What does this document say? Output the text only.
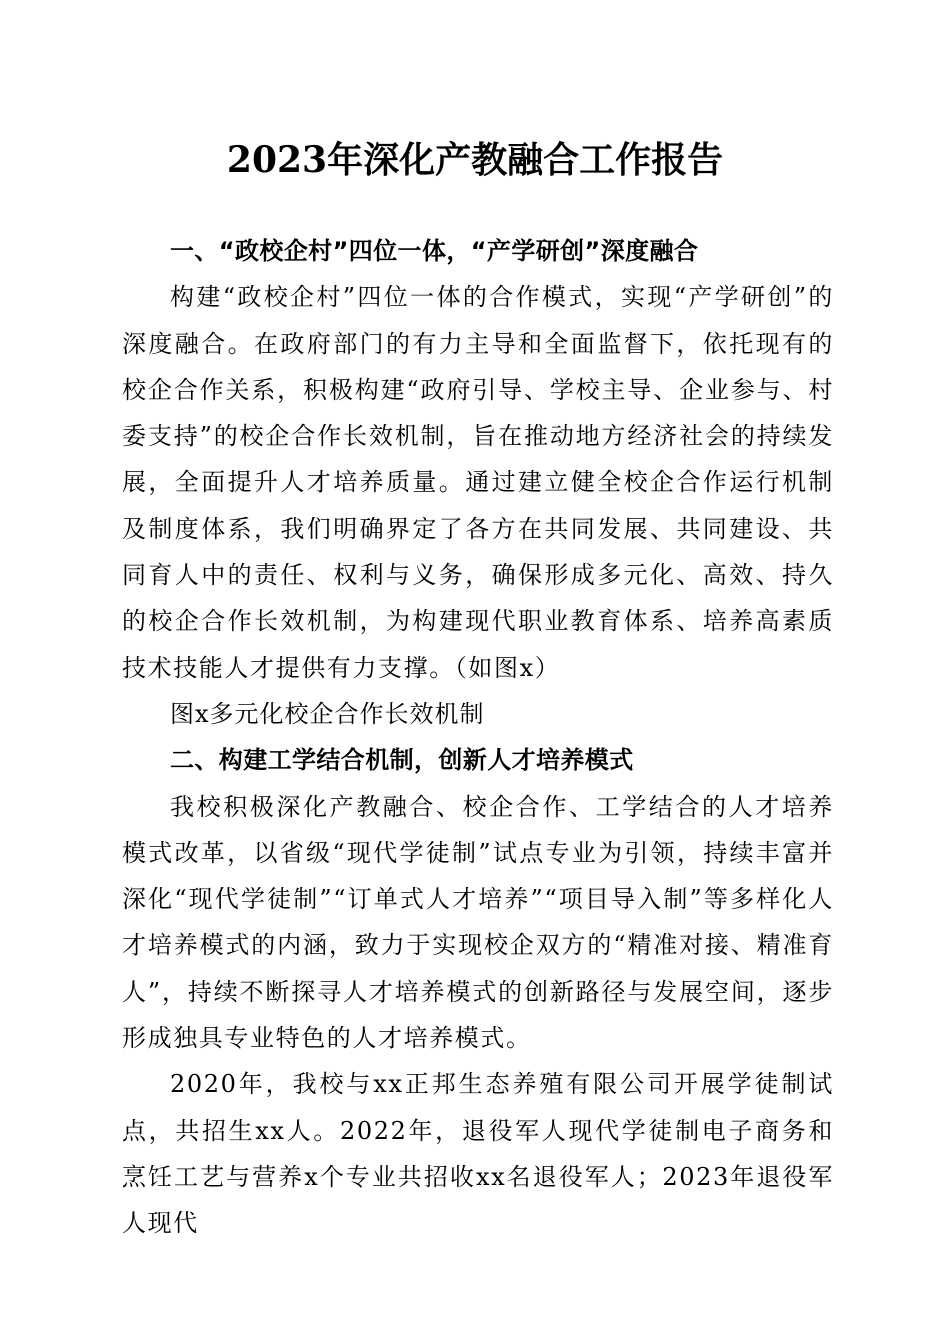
2023年深化产教融合工作报告

一、“政校企村”四位一体，“产学研创”深度融合

构建“政校企村”四位一体的合作模式，实现“产学研创”的深度融合。在政府部门的有力主导和全面监督下，依托现有的校企合作关系，积极构建“政府引导、学校主导、企业参与、村委支持”的校企合作长效机制，旨在推动地方经济社会的持续发展，全面提升人才培养质量。通过建立健全校企合作运行机制及制度体系，我们明确界定了各方在共同发展、共同建设、共同育人中的责任、权利与义务，确保形成多元化、高效、持久的校企合作长效机制，为构建现代职业教育体系、培养高素质技术技能人才提供有力支撑。（如图x）

图x多元化校企合作长效机制

二、构建工学结合机制，创新人才培养模式

我校积极深化产教融合、校企合作、工学结合的人才培养模式改革，以省级“现代学徒制”试点专业为引领，持续丰富并深化“现代学徒制”“订单式人才培养”“项目导入制”等多样化人才培养模式的内涵，致力于实现校企双方的“精准对接、精准育人”，持续不断探寻人才培养模式的创新路径与发展空间，逐步形成独具专业特色的人才培养模式。

2020年，我校与xx正邦生态养殖有限公司开展学徒制试点，共招生xx人。2022年，退役军人现代学徒制电子商务和烹饪工艺与营养x个专业共招收xx名退役军人；2023年退役军人现代
